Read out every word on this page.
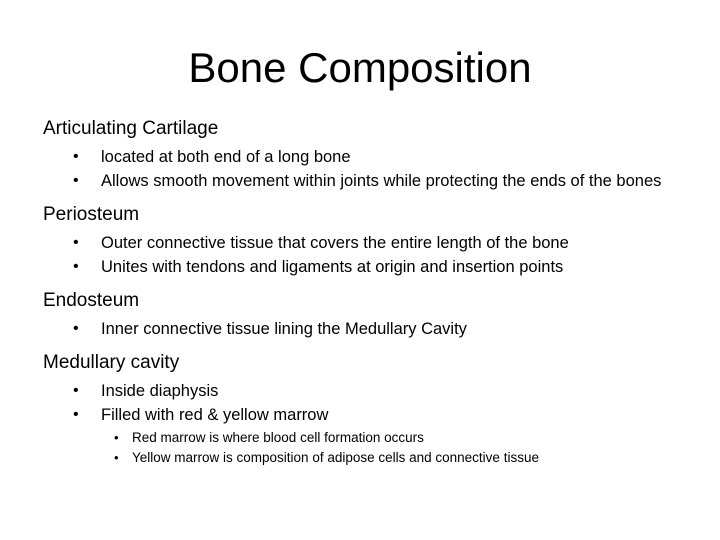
Bone Composition

Articulating Cartilage

• located at both end of a long bone
• Allows smooth movement within joints while protecting the ends of the bones

Periosteum

• Outer connective tissue that covers the entire length of the bone
• Unites with tendons and ligaments at origin and insertion points

Endosteum

• Inner connective tissue lining the Medullary Cavity

Medullary cavity

• Inside diaphysis
• Filled with red & yellow marrow
• Red marrow is where blood cell formation occurs
• Yellow marrow is composition of adipose cells and connective tissue
